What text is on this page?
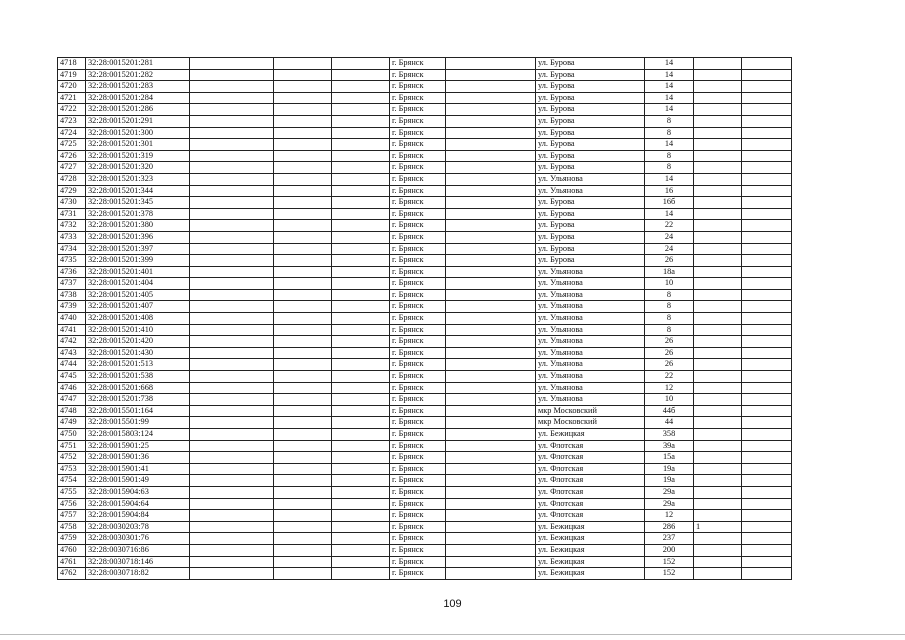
4718	32:28:0015201:281				г. Брянск		ул. Бурова	14		
4719	32:28:0015201:282				г. Брянск		ул. Бурова	14		
4720	32:28:0015201:283				г. Брянск		ул. Бурова	14		
4721	32:28:0015201:284				г. Брянск		ул. Бурова	14		
4722	32:28:0015201:286				г. Брянск		ул. Бурова	14		
4723	32:28:0015201:291				г. Брянск		ул. Бурова	8		
4724	32:28:0015201:300				г. Брянск		ул. Бурова	8		
4725	32:28:0015201:301				г. Брянск		ул. Бурова	14		
4726	32:28:0015201:319				г. Брянск		ул. Бурова	8		
4727	32:28:0015201:320				г. Брянск		ул. Бурова	8		
4728	32:28:0015201:323				г. Брянск		ул. Ульянова	14		
4729	32:28:0015201:344				г. Брянск		ул. Ульянова	16		
4730	32:28:0015201:345				г. Брянск		ул. Бурова	16б		
4731	32:28:0015201:378				г. Брянск		ул. Бурова	14		
4732	32:28:0015201:380				г. Брянск		ул. Бурова	22		
4733	32:28:0015201:396				г. Брянск		ул. Бурова	24		
4734	32:28:0015201:397				г. Брянск		ул. Бурова	24		
4735	32:28:0015201:399				г. Брянск		ул. Бурова	26		
4736	32:28:0015201:401				г. Брянск		ул. Ульянова	18а		
4737	32:28:0015201:404				г. Брянск		ул. Ульянова	10		
4738	32:28:0015201:405				г. Брянск		ул. Ульянова	8		
4739	32:28:0015201:407				г. Брянск		ул. Ульянова	8		
4740	32:28:0015201:408				г. Брянск		ул. Ульянова	8		
4741	32:28:0015201:410				г. Брянск		ул. Ульянова	8		
4742	32:28:0015201:420				г. Брянск		ул. Ульянова	26		
4743	32:28:0015201:430				г. Брянск		ул. Ульянова	26		
4744	32:28:0015201:513				г. Брянск		ул. Ульянова	26		
4745	32:28:0015201:538				г. Брянск		ул. Ульянова	22		
4746	32:28:0015201:668				г. Брянск		ул. Ульянова	12		
4747	32:28:0015201:738				г. Брянск		ул. Ульянова	10		
4748	32:28:0015501:164				г. Брянск		мкр Московский	44б		
4749	32:28:0015501:99				г. Брянск		мкр Московский	44		
4750	32:28:0015803:124				г. Брянск		ул. Бежицкая	358		
4751	32:28:0015901:25				г. Брянск		ул. Флотская	39а		
4752	32:28:0015901:36				г. Брянск		ул. Флотская	15а		
4753	32:28:0015901:41				г. Брянск		ул. Флотская	19а		
4754	32:28:0015901:49				г. Брянск		ул. Флотская	19а		
4755	32:28:0015904:63				г. Брянск		ул. Флотская	29а		
4756	32:28:0015904:64				г. Брянск		ул. Флотская	29а		
4757	32:28:0015904:84				г. Брянск		ул. Флотская	12		
4758	32:28:0030203:78				г. Брянск		ул. Бежицкая	286	1	
4759	32:28:0030301:76				г. Брянск		ул. Бежицкая	237		
4760	32:28:0030716:86				г. Брянск		ул. Бежицкая	200		
4761	32:28:0030718:146				г. Брянск		ул. Бежицкая	152		
4762	32:28:0030718:82				г. Брянск		ул. Бежицкая	152		
109
